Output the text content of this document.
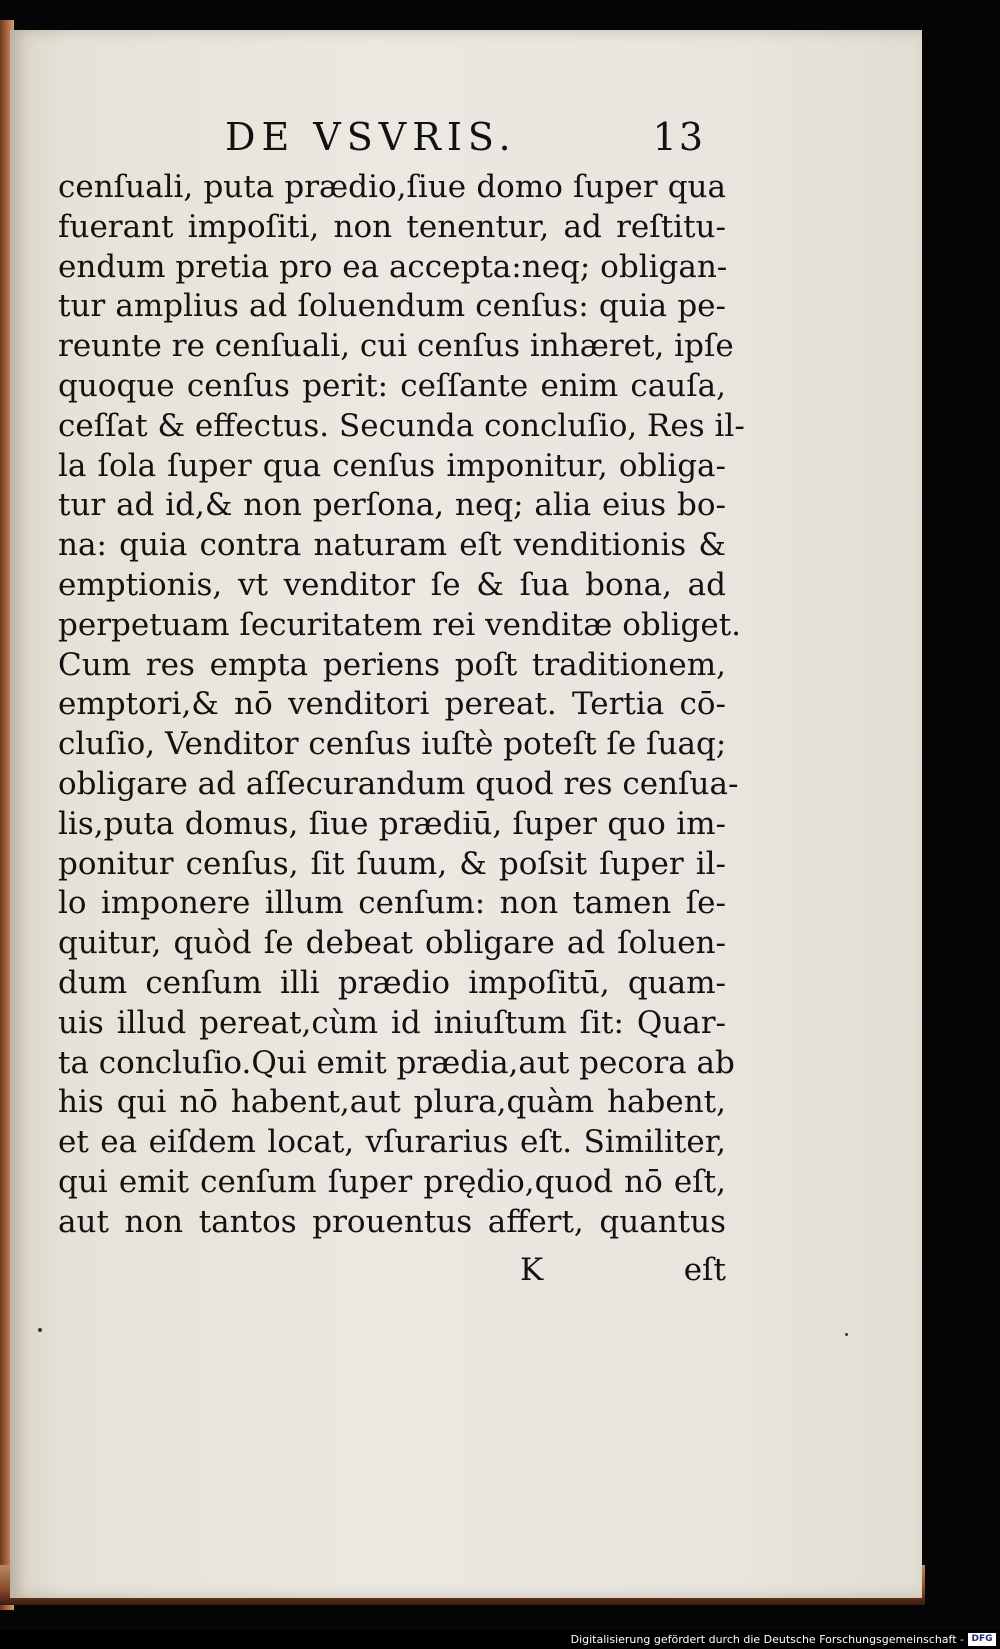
DE VSVRIS.	13
cenſuali, puta prædio,ſiue domo ſuper qua
fuerant impoſiti, non tenentur, ad reſtitu-
endum pretia pro ea accepta:neq; obligan-
tur amplius ad ſoluendum cenſus: quia pe-
reunte re cenſuali, cui cenſus inhæret, ipſe
quoque cenſus perit: ceſſante enim cauſa,
ceſſat & effectus. Secunda concluſio, Res il-
la ſola ſuper qua cenſus imponitur, obliga-
tur ad id,& non perſona, neq; alia eius bo-
na: quia contra naturam eſt venditionis &
emptionis, vt venditor ſe & ſua bona, ad
perpetuam ſecuritatem rei venditæ obliget.
Cum res empta periens poſt traditionem,
emptori,& nō venditori pereat. Tertia cō-
cluſio, Venditor cenſus iuſtè poteſt ſe ſuaq;
obligare ad aſſecurandum quod res cenſua-
lis,puta domus, ſiue prædiū, ſuper quo im-
ponitur cenſus, ſit ſuum, & poſsit ſuper il-
lo imponere illum cenſum: non tamen ſe-
quitur, quòd ſe debeat obligare ad ſoluen-
dum cenſum illi prædio impoſitū, quam-
uis illud pereat,cùm id iniuſtum ſit: Quar-
ta concluſio.Qui emit prædia,aut pecora ab
his qui nō habent,aut plura,quàm habent,
et ea eiſdem locat, vſurarius eſt. Similiter,
qui emit cenſum ſuper prędio,quod nō eſt,
aut non tantos prouentus affert, quantus
K	eſt
Digitalisierung gefördert durch die Deutsche Forschungsgemeinschaft - DFG
